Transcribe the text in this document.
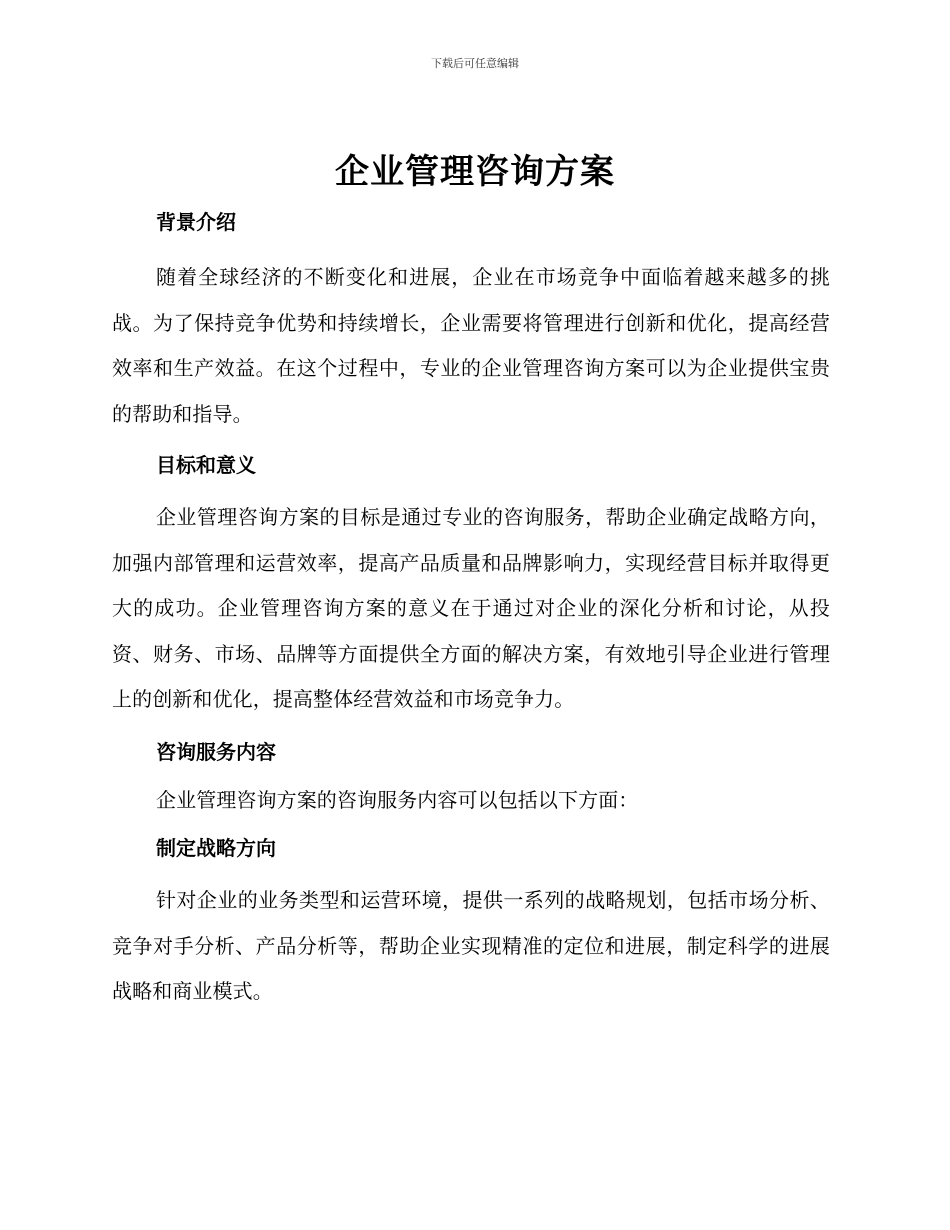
下载后可任意编辑
企业管理咨询方案
背景介绍

随着全球经济的不断变化和进展，企业在市场竞争中面临着越来越多的挑战。为了保持竞争优势和持续增长，企业需要将管理进行创新和优化，提高经营效率和生产效益。在这个过程中，专业的企业管理咨询方案可以为企业提供宝贵的帮助和指导。

目标和意义

企业管理咨询方案的目标是通过专业的咨询服务，帮助企业确定战略方向，加强内部管理和运营效率，提高产品质量和品牌影响力，实现经营目标并取得更大的成功。企业管理咨询方案的意义在于通过对企业的深化分析和讨论，从投资、财务、市场、品牌等方面提供全方面的解决方案，有效地引导企业进行管理上的创新和优化，提高整体经营效益和市场竞争力。

咨询服务内容

企业管理咨询方案的咨询服务内容可以包括以下方面：

制定战略方向

针对企业的业务类型和运营环境，提供一系列的战略规划，包括市场分析、竞争对手分析、产品分析等，帮助企业实现精准的定位和进展，制定科学的进展战略和商业模式。
